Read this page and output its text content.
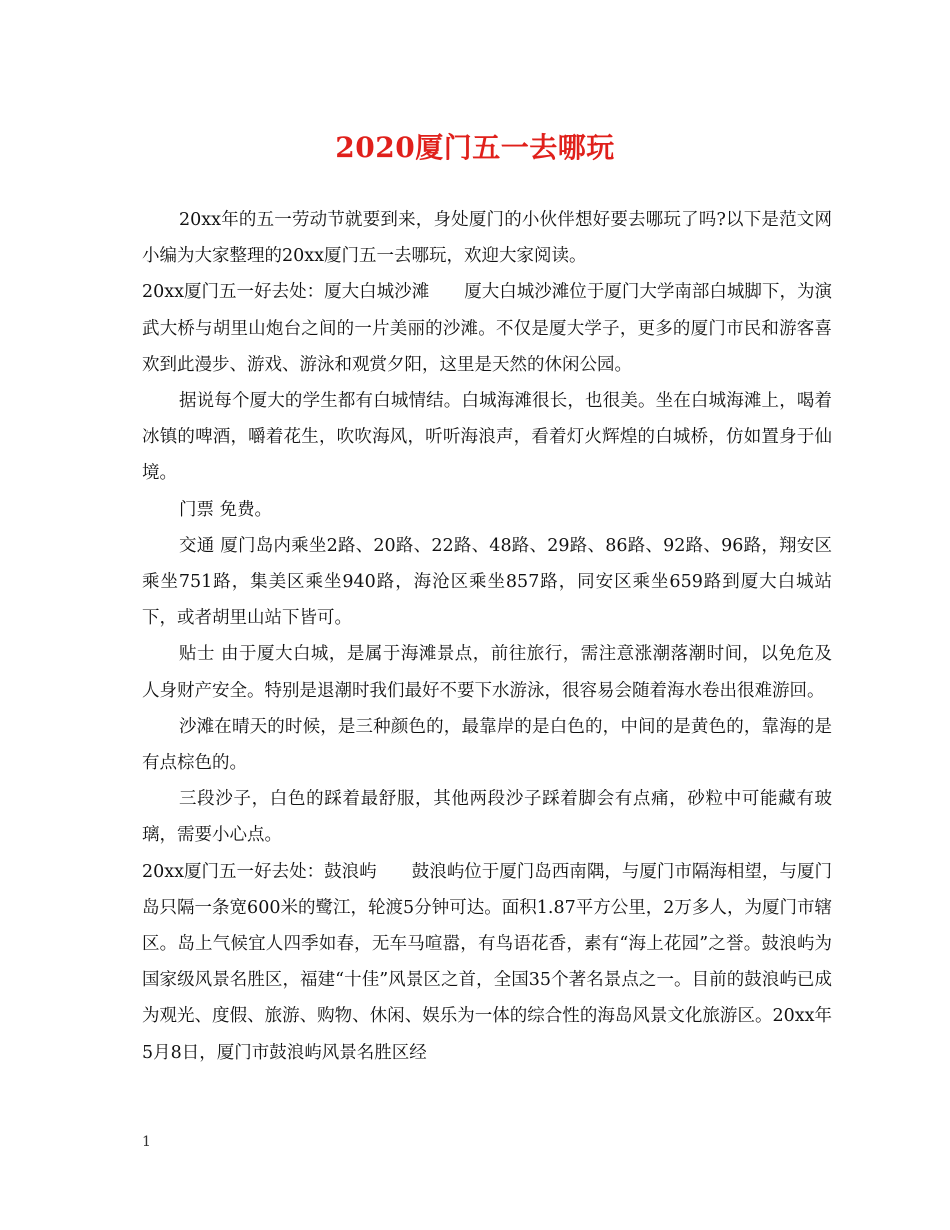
2020厦门五一去哪玩

20xx年的五一劳动节就要到来，身处厦门的小伙伴想好要去哪玩了吗?以下是范文网小编为大家整理的20xx厦门五一去哪玩，欢迎大家阅读。

20xx厦门五一好去处：厦大白城沙滩　　厦大白城沙滩位于厦门大学南部白城脚下，为演武大桥与胡里山炮台之间的一片美丽的沙滩。不仅是厦大学子，更多的厦门市民和游客喜欢到此漫步、游戏、游泳和观赏夕阳，这里是天然的休闲公园。

据说每个厦大的学生都有白城情结。白城海滩很长，也很美。坐在白城海滩上，喝着冰镇的啤酒，嚼着花生，吹吹海风，听听海浪声，看着灯火辉煌的白城桥，仿如置身于仙境。

门票 免费。

交通 厦门岛内乘坐2路、20路、22路、48路、29路、86路、92路、96路，翔安区乘坐751路，集美区乘坐940路，海沧区乘坐857路，同安区乘坐659路到厦大白城站下，或者胡里山站下皆可。

贴士 由于厦大白城，是属于海滩景点，前往旅行，需注意涨潮落潮时间，以免危及人身财产安全。特别是退潮时我们最好不要下水游泳，很容易会随着海水卷出很难游回。

沙滩在晴天的时候，是三种颜色的，最靠岸的是白色的，中间的是黄色的，靠海的是有点棕色的。

三段沙子，白色的踩着最舒服，其他两段沙子踩着脚会有点痛，砂粒中可能藏有玻璃，需要小心点。

20xx厦门五一好去处：鼓浪屿　　鼓浪屿位于厦门岛西南隅，与厦门市隔海相望，与厦门岛只隔一条宽600米的鹭江，轮渡5分钟可达。面积1.87平方公里，2万多人，为厦门市辖区。岛上气候宜人四季如春，无车马喧嚣，有鸟语花香，素有“海上花园”之誉。鼓浪屿为国家级风景名胜区，福建“十佳”风景区之首，全国35个著名景点之一。目前的鼓浪屿已成为观光、度假、旅游、购物、休闲、娱乐为一体的综合性的海岛风景文化旅游区。20xx年5月8日，厦门市鼓浪屿风景名胜区经

1
